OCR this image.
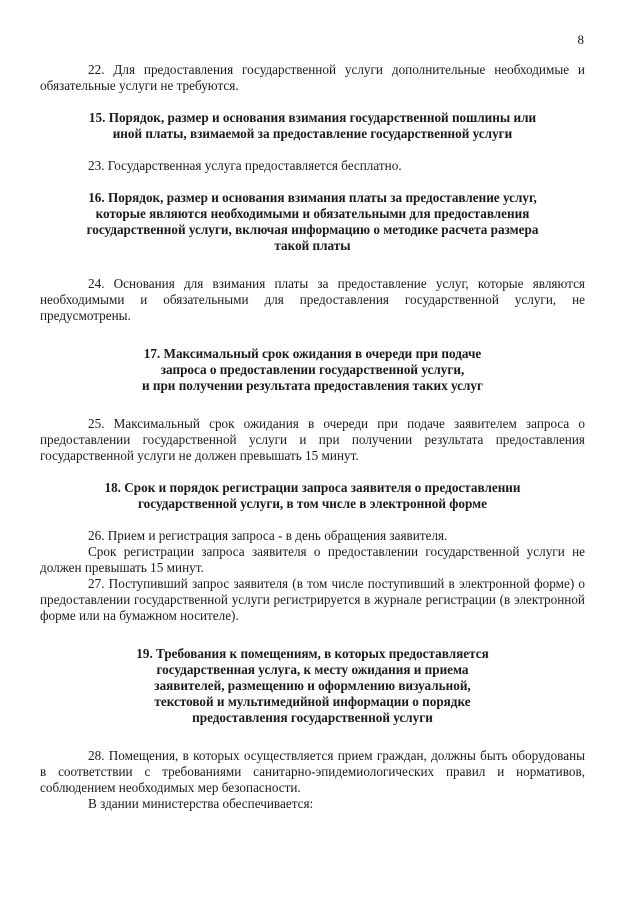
8

22. Для предоставления государственной услуги дополнительные необходимые и обязательные услуги не требуются.

15. Порядок, размер и основания взимания государственной пошлины или
иной платы, взимаемой за предоставление государственной услуги

23. Государственная услуга предоставляется бесплатно.

16. Порядок, размер и основания взимания платы за предоставление услуг,
которые являются необходимыми и обязательными для предоставления
государственной услуги, включая информацию о методике расчета размера
такой платы

24. Основания для взимания платы за предоставление услуг, которые являются необходимыми и обязательными для предоставления государственной услуги, не предусмотрены.

17. Максимальный срок ожидания в очереди при подаче
запроса о предоставлении государственной услуги,
и при получении результата предоставления таких услуг

25. Максимальный срок ожидания в очереди при подаче заявителем запроса о предоставлении государственной услуги и при получении результата предоставления государственной услуги не должен превышать 15 минут.

18. Срок и порядок регистрации запроса заявителя о предоставлении
государственной услуги, в том числе в электронной форме

26. Прием и регистрация запроса - в день обращения заявителя.

Срок регистрации запроса заявителя о предоставлении государственной услуги не должен превышать 15 минут.

27. Поступивший запрос заявителя (в том числе поступивший в электронной форме) о предоставлении государственной услуги регистрируется в журнале регистрации (в электронной форме или на бумажном носителе).

19. Требования к помещениям, в которых предоставляется
государственная услуга, к месту ожидания и приема
заявителей, размещению и оформлению визуальной,
текстовой и мультимедийной информации о порядке
предоставления государственной услуги

28. Помещения, в которых осуществляется прием граждан, должны быть оборудованы в соответствии с требованиями санитарно-эпидемиологических правил и нормативов, соблюдением необходимых мер безопасности.

В здании министерства обеспечивается:
